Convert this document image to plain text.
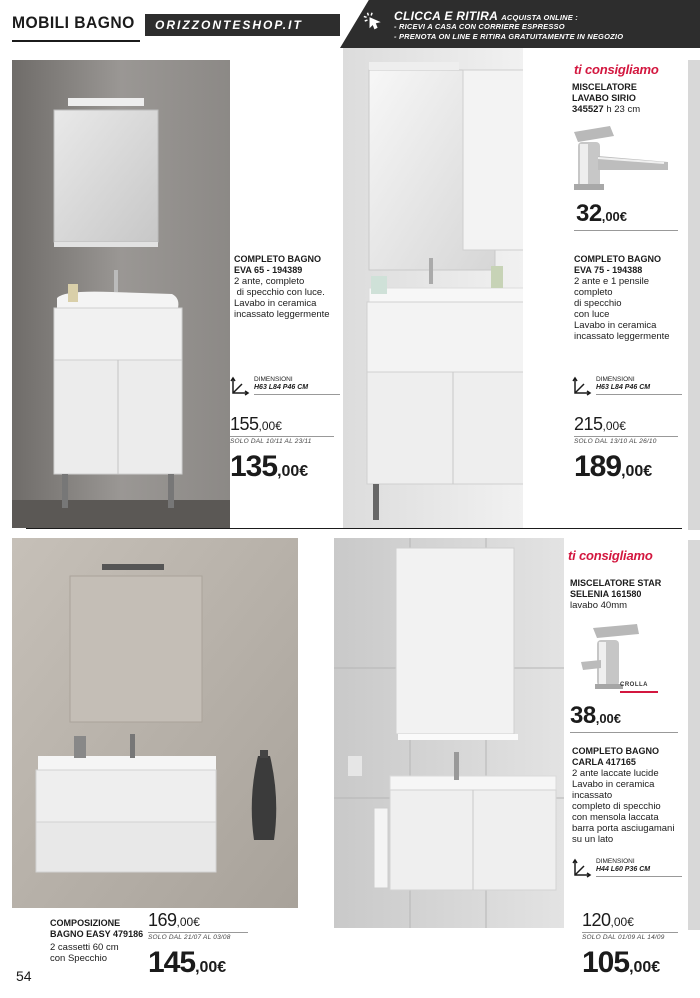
MOBILI BAGNO	ORIZZONTESHOP.IT
CLICCA E RITIRA ACQUISTA ONLINE :
- RICEVI A CASA CON CORRIERE ESPRESSO
- PRENOTA ON LINE E RITIRA GRATUITAMENTE IN NEGOZIO
CROLLA
ti consigliamo
MISCELATORE
LAVABO SIRIO
345527 h 23 cm
32,00€
COMPLETO BAGNO
EVA 65 - 194389
2 ante, completo
di specchio con luce.
Lavabo in ceramica
incassato leggermente
DIMENSIONI
H63 L84 P46 CM
155,00€
SOLO DAL 10/11 AL 23/11
135,00€
COMPLETO BAGNO
EVA 75 - 194388
2 ante e 1 pensile
completo
di specchio
con luce
Lavabo in ceramica
incassato leggermente
DIMENSIONI
H63 L84 P46 CM
215,00€
SOLO DAL 13/10 AL 26/10
189,00€
ti consigliamo
MISCELATORE STAR
SELENIA 161580
lavabo 40mm
38,00€
COMPLETO BAGNO
CARLA 417165
2 ante laccate lucide
Lavabo in ceramica
incassato
completo di specchio
con mensola laccata
barra porta asciugamani
su un lato
DIMENSIONI
H44 L60 P36 CM
120,00€
SOLO DAL 01/09 AL 14/09
105,00€
COMPOSIZIONE
BAGNO EASY 479186
2 cassetti 60 cm
con Specchio
169,00€
SOLO DAL 21/07 AL 03/08
145,00€
54
